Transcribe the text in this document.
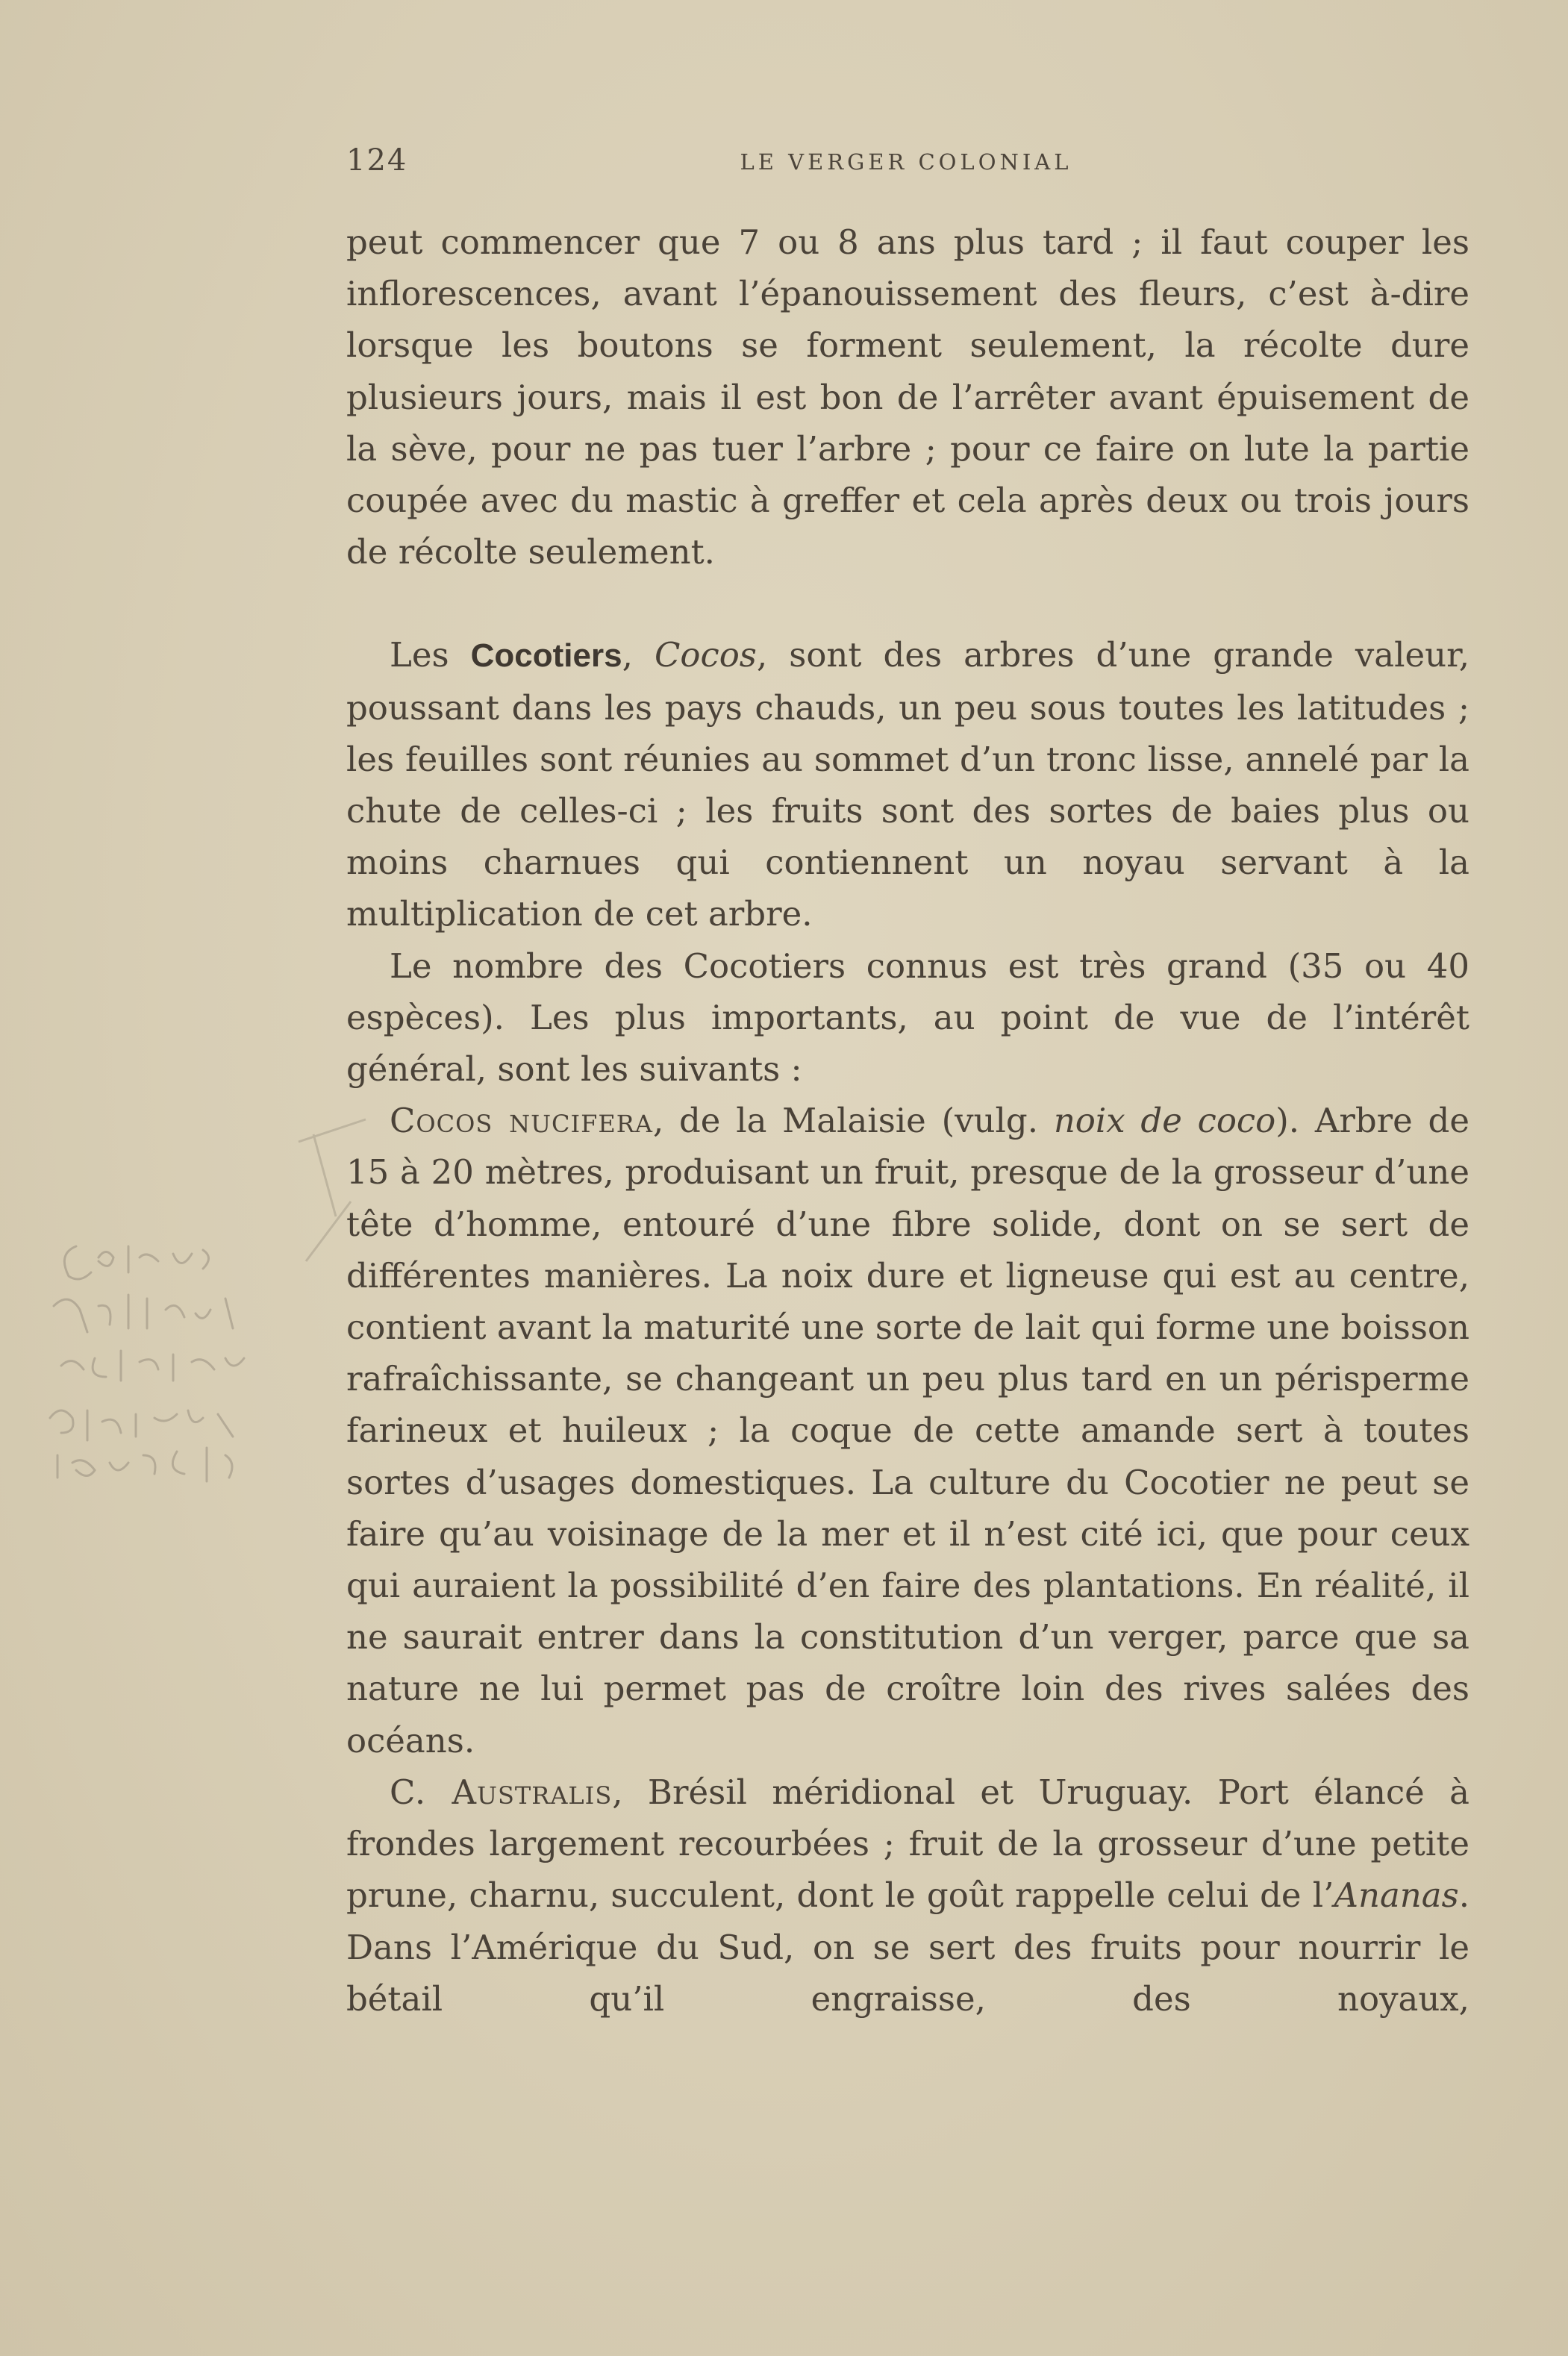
124	LE VERGER COLONIAL

peut commencer que 7 ou 8 ans plus tard ; il faut couper les inflorescences, avant l’épanouissement des fleurs, c’est à-dire lorsque les boutons se forment seulement, la récolte dure plusieurs jours, mais il est bon de l’arrêter avant épuisement de la sève, pour ne pas tuer l’arbre ; pour ce faire on lute la partie coupée avec du mastic à greffer et cela après deux ou trois jours de récolte seulement.

Les Cocotiers, Cocos, sont des arbres d’une grande valeur, poussant dans les pays chauds, un peu sous toutes les latitudes ; les feuilles sont réunies au sommet d’un tronc lisse, annelé par la chute de celles-ci ; les fruits sont des sortes de baies plus ou moins charnues qui contiennent un noyau servant à la multiplication de cet arbre.

Le nombre des Cocotiers connus est très grand (35 ou 40 espèces). Les plus importants, au point de vue de l’intérêt général, sont les suivants :

Cocos nucifera, de la Malaisie (vulg. noix de coco). Arbre de 15 à 20 mètres, produisant un fruit, presque de la grosseur d’une tête d’homme, entouré d’une fibre solide, dont on se sert de différentes manières. La noix dure et ligneuse qui est au centre, contient avant la maturité une sorte de lait qui forme une boisson rafraîchissante, se changeant un peu plus tard en un périsperme farineux et huileux ; la coque de cette amande sert à toutes sortes d’usages domestiques. La culture du Cocotier ne peut se faire qu’au voisinage de la mer et il n’est cité ici, que pour ceux qui auraient la possibilité d’en faire des plantations. En réalité, il ne saurait entrer dans la constitution d’un verger, parce que sa nature ne lui permet pas de croître loin des rives salées des océans.

C. Australis, Brésil méridional et Uruguay. Port élancé à frondes largement recourbées ; fruit de la grosseur d’une petite prune, charnu, succulent, dont le goût rappelle celui de l’Ananas. Dans l’Amérique du Sud, on se sert des fruits pour nourrir le bétail qu’il engraisse, des noyaux,
